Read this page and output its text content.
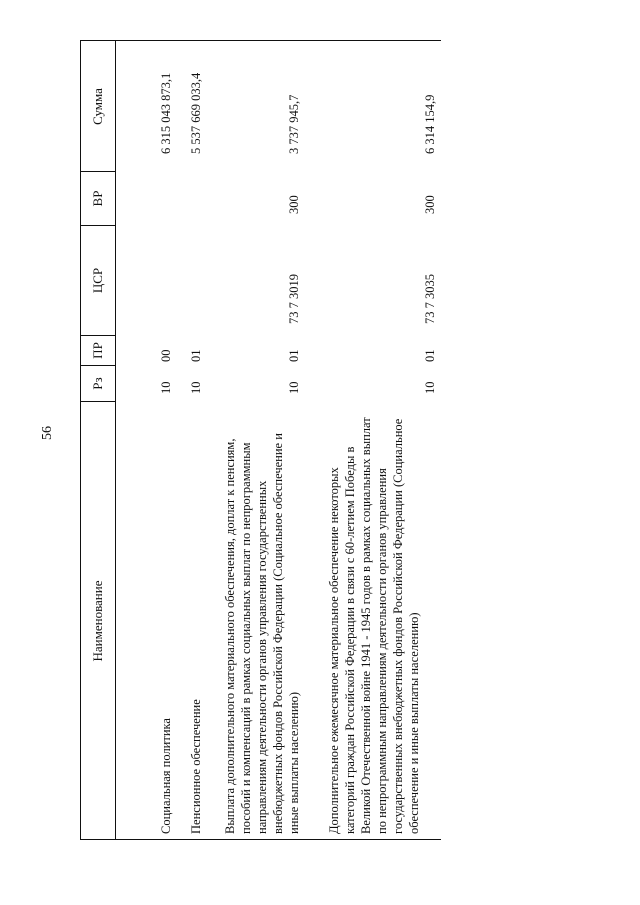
56
Наименование
Рз
ПР
ЦСР
ВР
Сумма
Социальная политика
10
00
6 315 043 873,1
Пенсионное обеспечение
10
01
5 537 669 033,4
Выплата дополнительного материального обеспечения, доплат к пенсиям, пособий и компенсаций в рамках социальных выплат по непрограммным направлениям деятельности органов управления государственных внебюджетных фондов Российской Федерации (Социальное обеспечение и иные выплаты населению)
10
01
73 7 3019
300
3 737 945,7
Дополнительное ежемесячное материальное обеспечение некоторых категорий граждан Российской Федерации в связи с 60-летием Победы в Великой Отечественной войне 1941 - 1945 годов в рамках социальных выплат по непрограммным направлениям деятельности органов управления государственных внебюджетных фондов Российской Федерации (Социальное обеспечение и иные выплаты населению)
10
01
73 7 3035
300
6 314 154,9
